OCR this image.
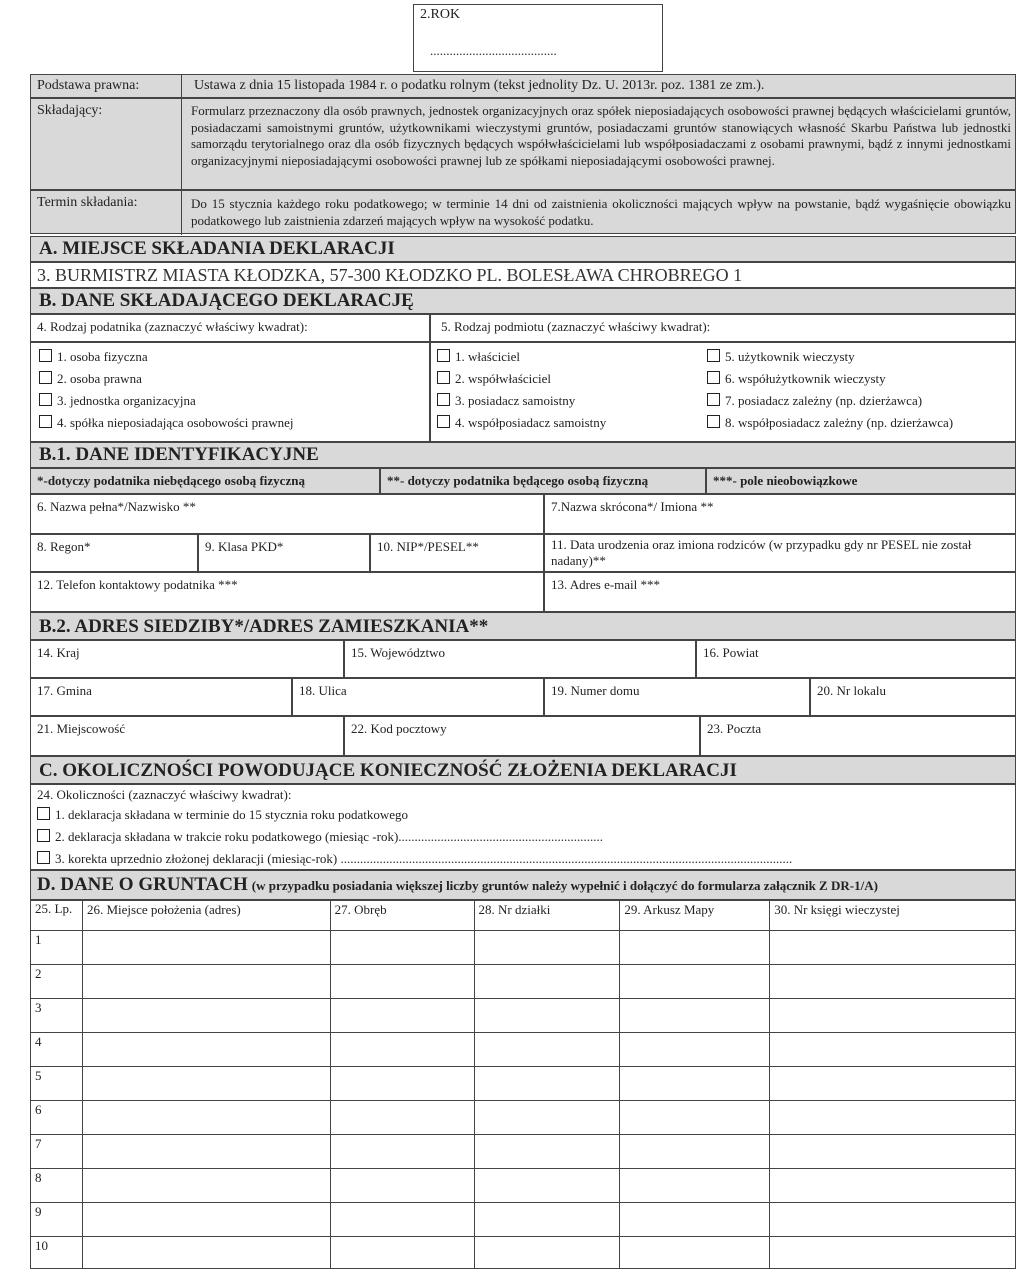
2.ROK
.......................................
Podstawa prawna:	Ustawa z dnia 15 listopada 1984 r. o podatku rolnym (tekst jednolity Dz. U. 2013r. poz. 1381 ze zm.).
Składający:	Formularz przeznaczony dla osób prawnych, jednostek organizacyjnych oraz spółek nieposiadających osobowości prawnej będących właścicielami gruntów, posiadaczami samoistnymi gruntów, użytkownikami wieczystymi gruntów, posiadaczami gruntów stanowiących własność Skarbu Państwa lub jednostki samorządu terytorialnego oraz dla osób fizycznych będących współwłaścicielami lub współposiadaczami z osobami prawnymi, bądź z innymi jednostkami organizacyjnymi nieposiadającymi osobowości prawnej lub ze spółkami nieposiadającymi osobowości prawnej.
Termin składania:	Do 15 stycznia każdego roku podatkowego; w terminie 14 dni od zaistnienia okoliczności mających wpływ na powstanie, bądź wygaśnięcie obowiązku podatkowego lub zaistnienia zdarzeń mających wpływ na wysokość podatku.
A. MIEJSCE SKŁADANIA DEKLARACJI
3. BURMISTRZ MIASTA KŁODZKA, 57-300 KŁODZKO PL. BOLESŁAWA CHROBREGO 1
B. DANE SKŁADAJĄCEGO DEKLARACJĘ
4. Rodzaj podatnika (zaznaczyć właściwy kwadrat):	5. Rodzaj podmiotu (zaznaczyć właściwy kwadrat):
1. osoba fizyczna
2. osoba prawna
3. jednostka organizacyjna
4. spółka nieposiadająca osobowości prawnej
1. właściciel
2. współwłaściciel
3. posiadacz samoistny
4. współposiadacz samoistny
5. użytkownik wieczysty
6. współużytkownik wieczysty
7. posiadacz zależny (np. dzierżawca)
8. współposiadacz zależny (np. dzierżawca)
B.1. DANE IDENTYFIKACYJNE
*-dotyczy podatnika niebędącego osobą fizyczną	**- dotyczy podatnika będącego osobą fizyczną	***- pole nieobowiązkowe
6. Nazwa pełna*/Nazwisko **	7.Nazwa skrócona*/ Imiona **
8. Regon*	9. Klasa PKD*	10. NIP*/PESEL**	11. Data urodzenia oraz imiona rodziców (w przypadku gdy nr PESEL nie został nadany)**
12. Telefon kontaktowy podatnika ***	13. Adres e-mail ***
B.2. ADRES SIEDZIBY*/ADRES ZAMIESZKANIA**
14. Kraj	15. Województwo	16. Powiat
17. Gmina	18. Ulica	19. Numer domu	20. Nr lokalu
21. Miejscowość	22. Kod pocztowy	23. Poczta
C. OKOLICZNOŚCI POWODUJĄCE KONIECZNOŚĆ ZŁOŻENIA DEKLARACJI
24. Okoliczności (zaznaczyć właściwy kwadrat):
1. deklaracja składana w terminie do 15 stycznia roku podatkowego
2. deklaracja składana w trakcie roku podatkowego (miesiąc -rok)...............................................................
3. korekta uprzednio złożonej deklaracji (miesiąc-rok) ...........................................................................................................................................
D. DANE O GRUNTACH (w przypadku posiadania większej liczby gruntów należy wypełnić i dołączyć do formularza załącznik Z DR-1/A)
25. Lp.	26. Miejsce położenia (adres)	27. Obręb	28. Nr działki	29. Arkusz Mapy	30. Nr księgi wieczystej
1					
2					
3					
4					
5					
6					
7					
8					
9					
10					
